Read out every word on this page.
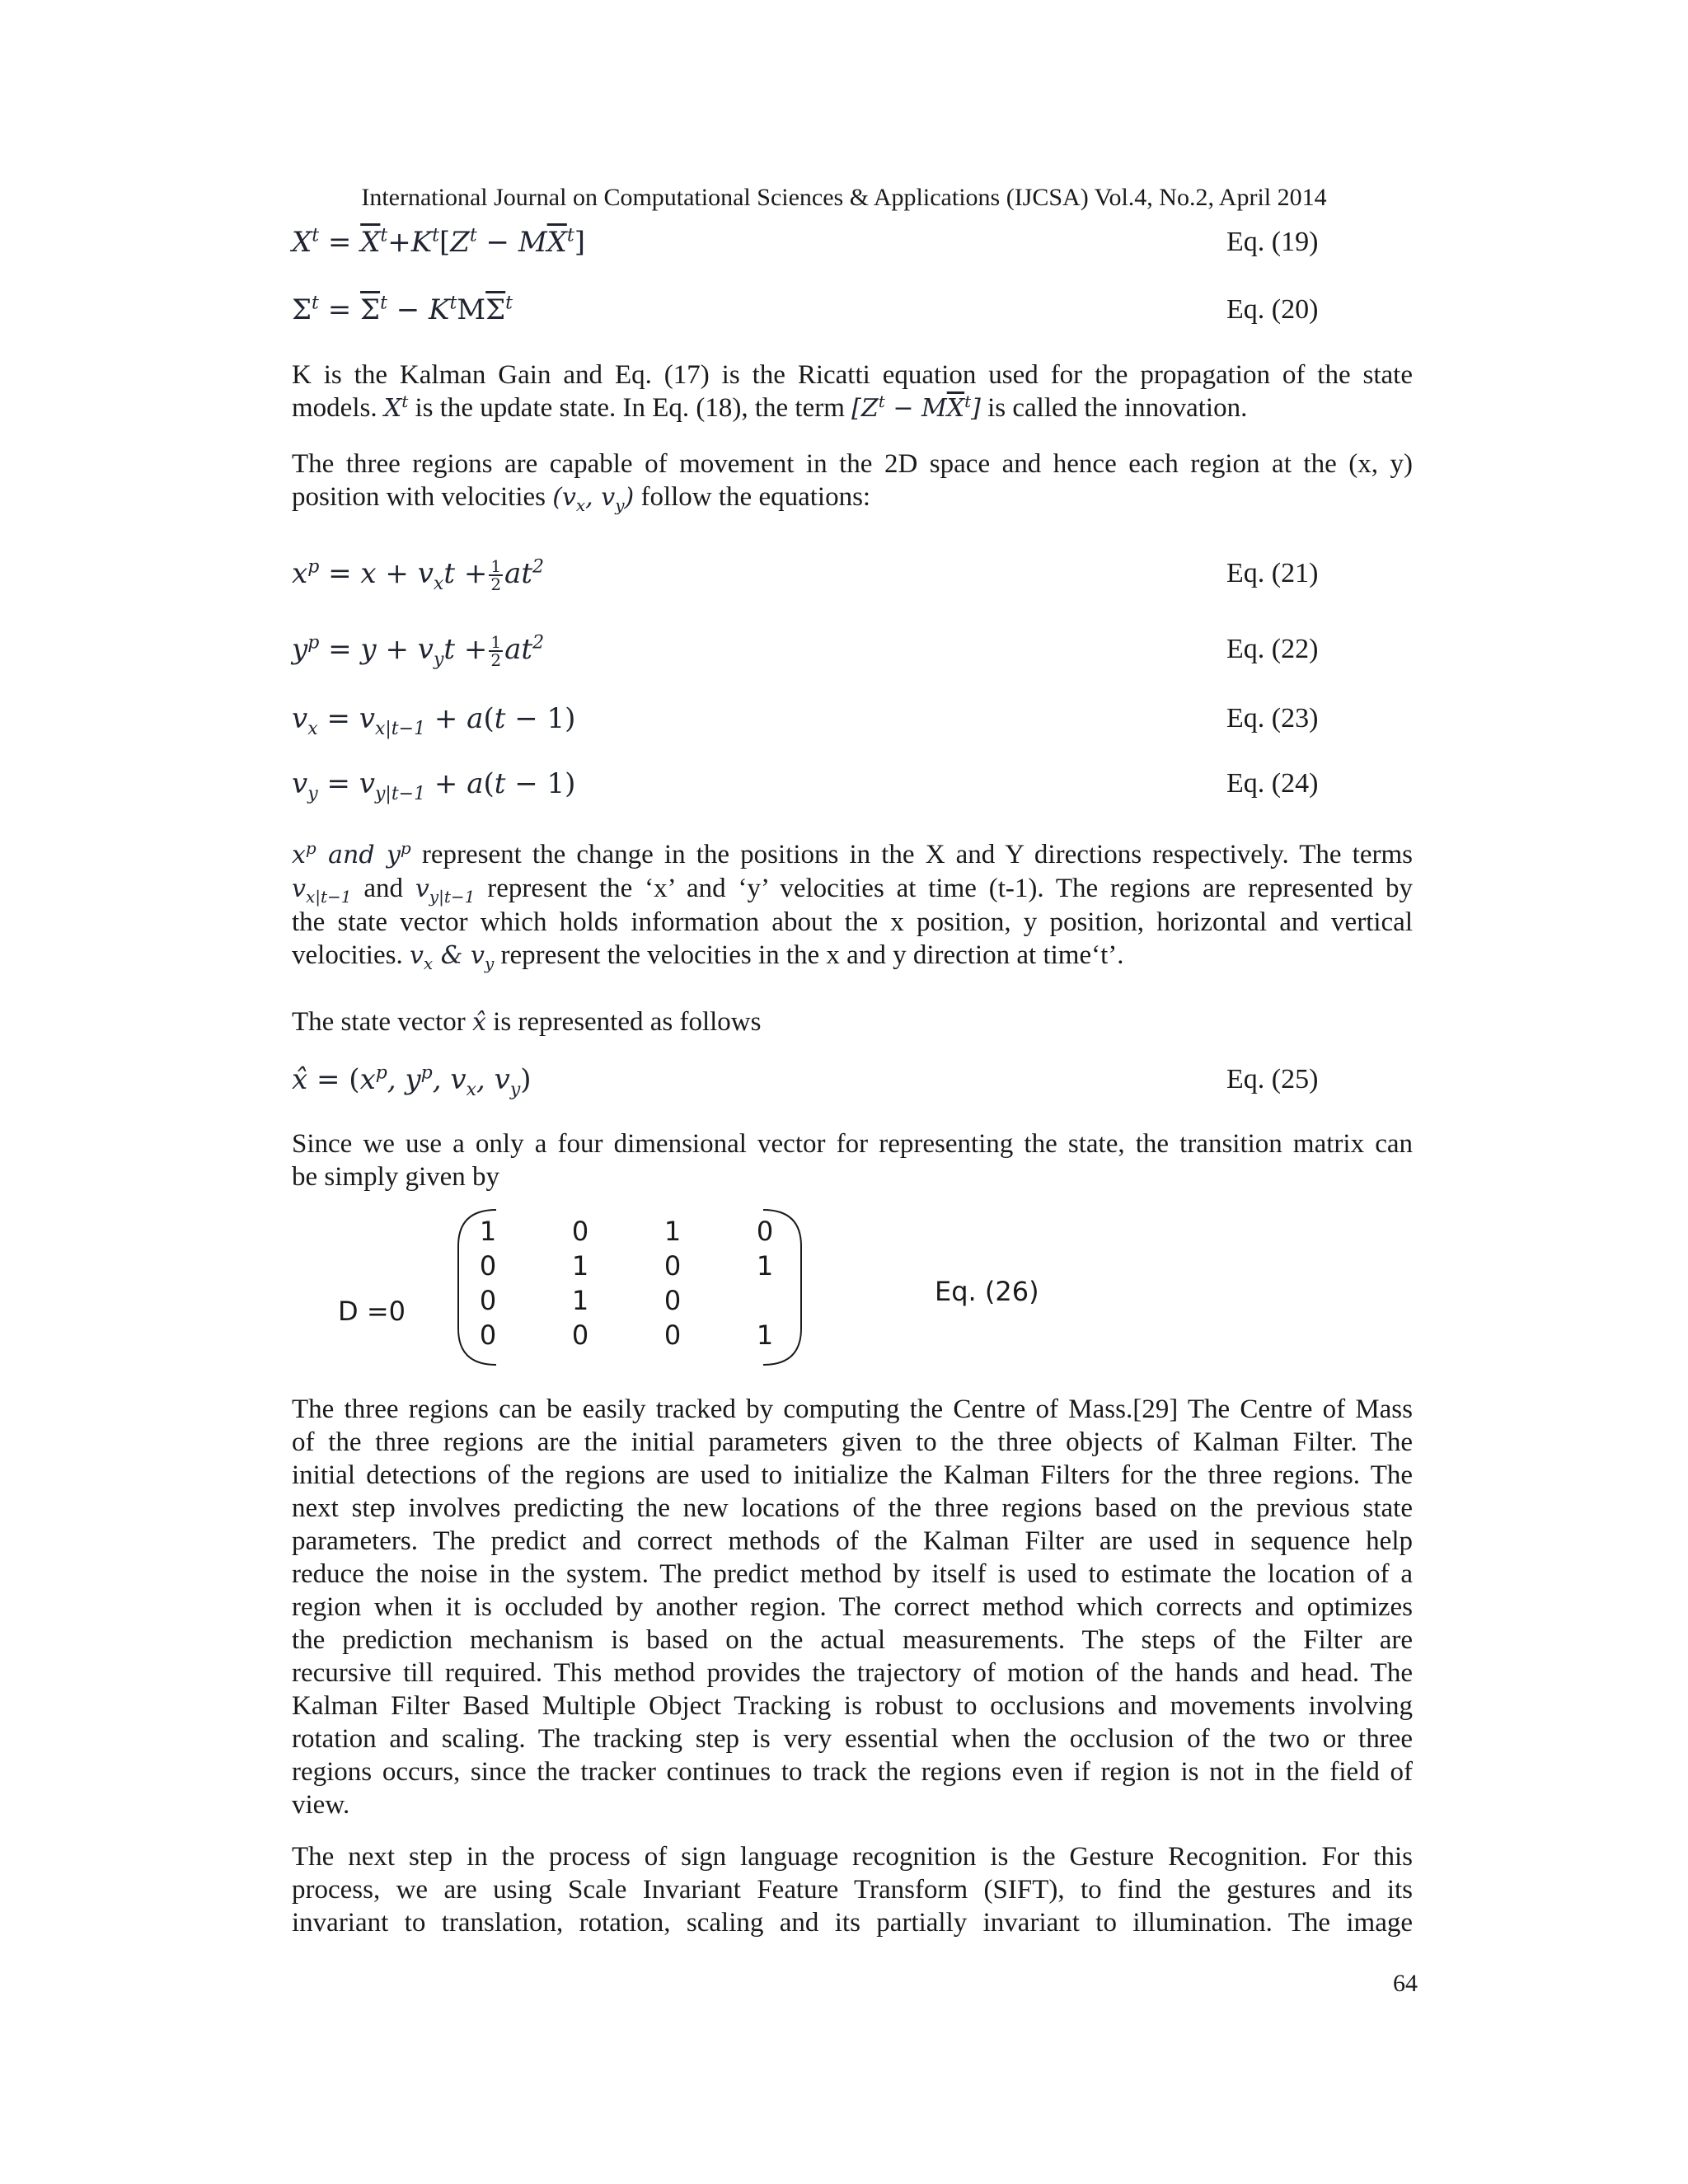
International Journal on Computational Sciences & Applications (IJCSA) Vol.4, No.2, April 2014
$X^t = \overline{X}^t+K^t[Z^t - M\overline{X}^t]$	Eq. (19)
$\Sigma^t = \overline{\Sigma}^t - K^tM\overline{\Sigma}^t$	Eq. (20)
K is the Kalman Gain and Eq. (17) is the Ricatti equation used for the propagation of the state
models. $X^t$ is the update state. In Eq. (18), the term $[Z^t - M\overline{X}^t]$ is called the innovation.
The three regions are capable of movement in the 2D space and hence each region at the (x, y)
position with velocities ($v_x$, $v_y$) follow the equations:
$x^p = x + v_xt + \frac{1}{2} at^2$	Eq. (21)
$y^p = y + v_yt + \frac{1}{2} at^2$	Eq. (22)
$v_x = v_{x|t-1} + a(t - 1)$	Eq. (23)
$v_y = v_{y|t-1} + a(t - 1)$	Eq. (24)
$x^p$ and $y^p$ represent the change in the positions in the X and Y directions respectively. The terms
$v_{x|t-1}$ and $v_{y|t-1}$ represent the ‘x’ and ‘y’ velocities at time (t-1). The regions are represented by
the state vector which holds information about the x position, y position, horizontal and vertical
velocities. $v_x$ & $v_y$ represent the velocities in the x and y direction at time‘t’.
The state vector x̂ is represented as follows
x̂ = ($x^p$, $y^p$, $v_x$, $v_y$)	Eq. (25)
Since we use a only a four dimensional vector for representing the state, the transition matrix can
be simply given by
D =0
1	0	1	0
0	1	0	1
0	1	0
0	0	0	1
Eq. (26)
The three regions can be easily tracked by computing the Centre of Mass.[29] The Centre of Mass
of the three regions are the initial parameters given to the three objects of Kalman Filter. The
initial detections of the regions are used to initialize the Kalman Filters for the three regions. The
next step involves predicting the new locations of the three regions based on the previous state
parameters. The predict and correct methods of the Kalman Filter are used in sequence help
reduce the noise in the system. The predict method by itself is used to estimate the location of a
region when it is occluded by another region. The correct method which corrects and optimizes
the prediction mechanism is based on the actual measurements. The steps of the Filter are
recursive till required. This method provides the trajectory of motion of the hands and head. The
Kalman Filter Based Multiple Object Tracking is robust to occlusions and movements involving
rotation and scaling. The tracking step is very essential when the occlusion of the two or three
regions occurs, since the tracker continues to track the regions even if region is not in the field of
view.
The next step in the process of sign language recognition is the Gesture Recognition. For this
process, we are using Scale Invariant Feature Transform (SIFT), to find the gestures and its
invariant to translation, rotation, scaling and its partially invariant to illumination. The image
64
